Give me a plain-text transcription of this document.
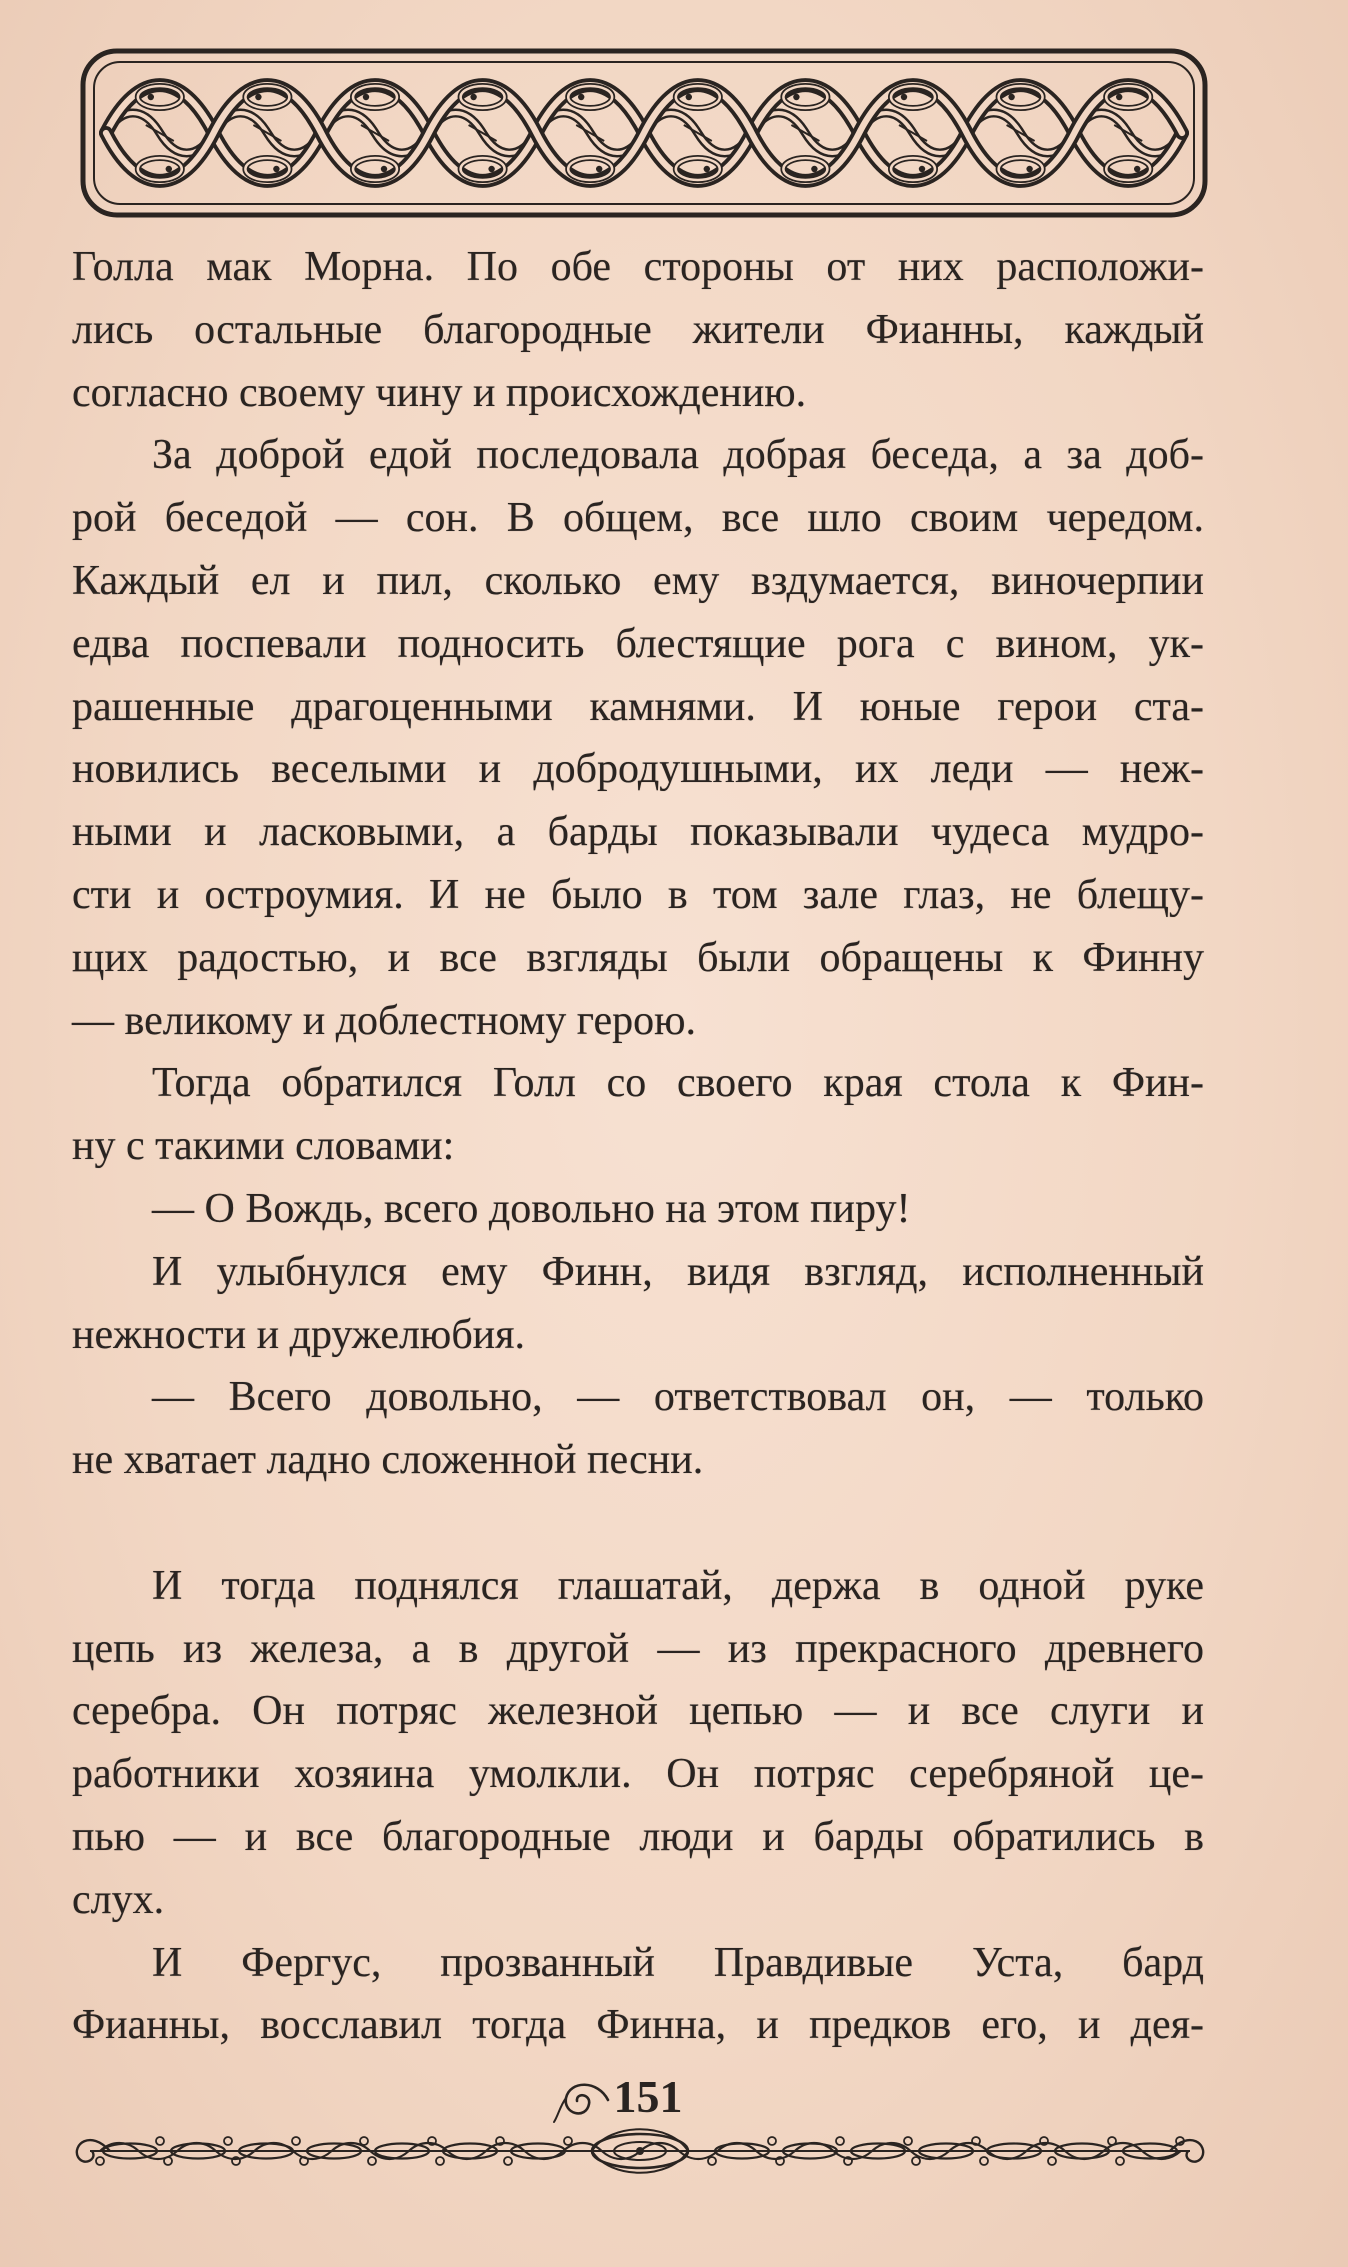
Голла мак Морна. По обе стороны от них расположи-
лись остальные благородные жители Фианны, каждый
согласно своему чину и происхождению.
За доброй едой последовала добрая беседа, а за доб-
рой беседой — сон. В общем, все шло своим чередом.
Каждый ел и пил, сколько ему вздумается, виночерпии
едва поспевали подносить блестящие рога с вином, ук-
рашенные драгоценными камнями. И юные герои ста-
новились веселыми и добродушными, их леди — неж-
ными и ласковыми, а барды показывали чудеса мудро-
сти и остроумия. И не было в том зале глаз, не блещу-
щих радостью, и все взгляды были обращены к Финну
— великому и доблестному герою.
Тогда обратился Голл со своего края стола к Фин-
ну с такими словами:
— О Вождь, всего довольно на этом пиру!
И улыбнулся ему Финн, видя взгляд, исполненный
нежности и дружелюбия.
— Всего довольно, — ответствовал он, — только
не хватает ладно сложенной песни.
И тогда поднялся глашатай, держа в одной руке
цепь из железа, а в другой — из прекрасного древнего
серебра. Он потряс железной цепью — и все слуги и
работники хозяина умолкли. Он потряс серебряной це-
пью — и все благородные люди и барды обратились в
слух.
И Фергус, прозванный Правдивые Уста, бард
Фианны, восславил тогда Финна, и предков его, и дея-
151
